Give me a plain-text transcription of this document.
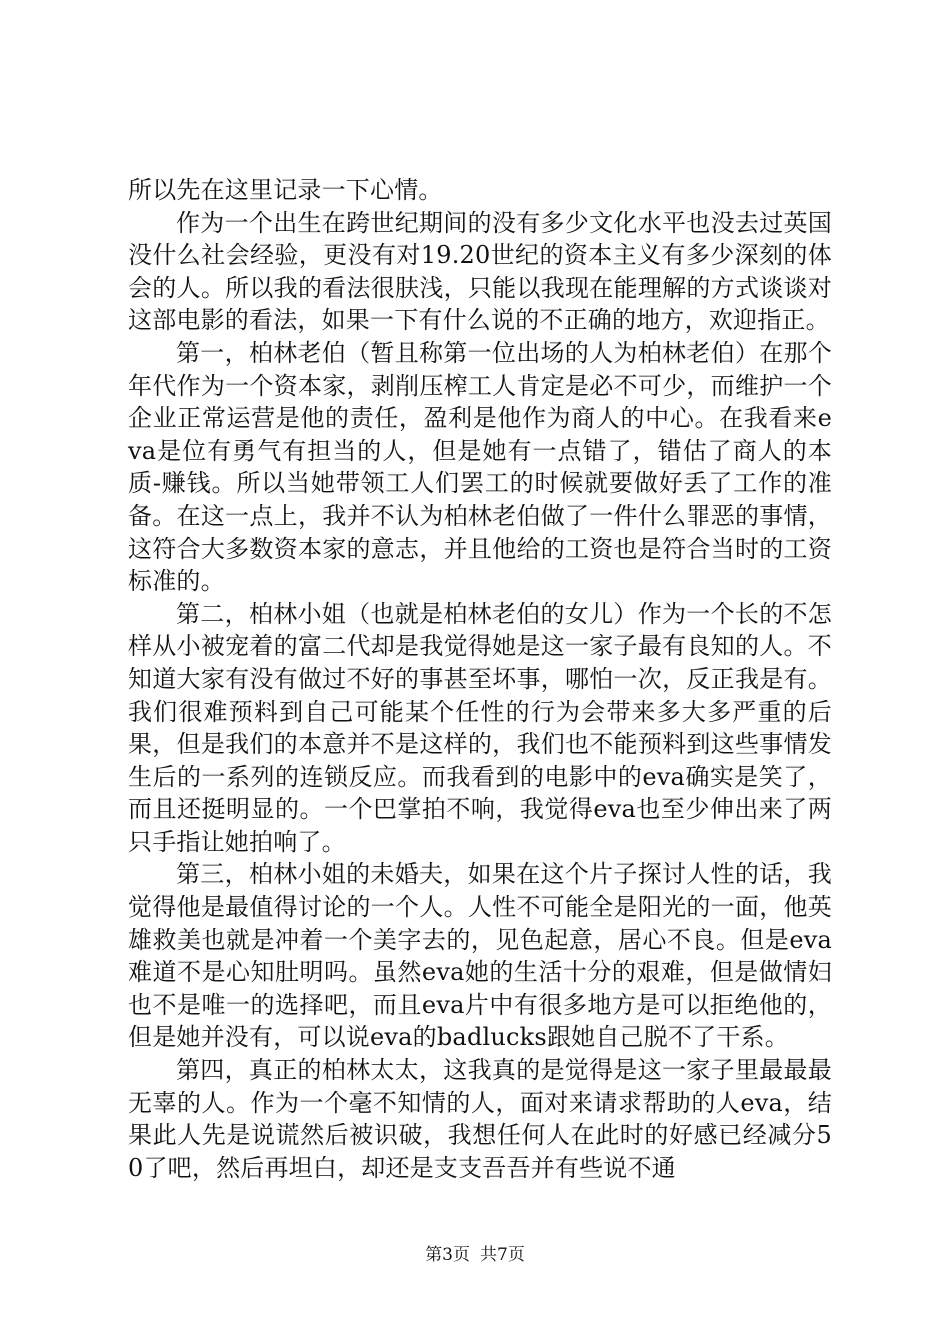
所以先在这里记录一下心情。

作为一个出生在跨世纪期间的没有多少文化水平也没去过英国没什么社会经验，更没有对19.20世纪的资本主义有多少深刻的体会的人。所以我的看法很肤浅，只能以我现在能理解的方式谈谈对这部电影的看法，如果一下有什么说的不正确的地方，欢迎指正。

第一，柏林老伯（暂且称第一位出场的人为柏林老伯）在那个年代作为一个资本家，剥削压榨工人肯定是必不可少，而维护一个企业正常运营是他的责任，盈利是他作为商人的中心。在我看来eva是位有勇气有担当的人，但是她有一点错了，错估了商人的本质-赚钱。所以当她带领工人们罢工的时候就要做好丢了工作的准备。在这一点上，我并不认为柏林老伯做了一件什么罪恶的事情，这符合大多数资本家的意志，并且他给的工资也是符合当时的工资标准的。

第二，柏林小姐（也就是柏林老伯的女儿）作为一个长的不怎样从小被宠着的富二代却是我觉得她是这一家子最有良知的人。不知道大家有没有做过不好的事甚至坏事，哪怕一次，反正我是有。我们很难预料到自己可能某个任性的行为会带来多大多严重的后果，但是我们的本意并不是这样的，我们也不能预料到这些事情发生后的一系列的连锁反应。而我看到的电影中的eva确实是笑了，而且还挺明显的。一个巴掌拍不响，我觉得eva也至少伸出来了两只手指让她拍响了。

第三，柏林小姐的未婚夫，如果在这个片子探讨人性的话，我觉得他是最值得讨论的一个人。人性不可能全是阳光的一面，他英雄救美也就是冲着一个美字去的，见色起意，居心不良。但是eva难道不是心知肚明吗。虽然eva她的生活十分的艰难，但是做情妇也不是唯一的选择吧，而且eva片中有很多地方是可以拒绝他的，但是她并没有，可以说eva的badlucks跟她自己脱不了干系。

第四，真正的柏林太太，这我真的是觉得是这一家子里最最最无辜的人。作为一个毫不知情的人，面对来请求帮助的人eva，结果此人先是说谎然后被识破，我想任何人在此时的好感已经减分50了吧，然后再坦白，却还是支支吾吾并有些说不通

第3页 共7页
